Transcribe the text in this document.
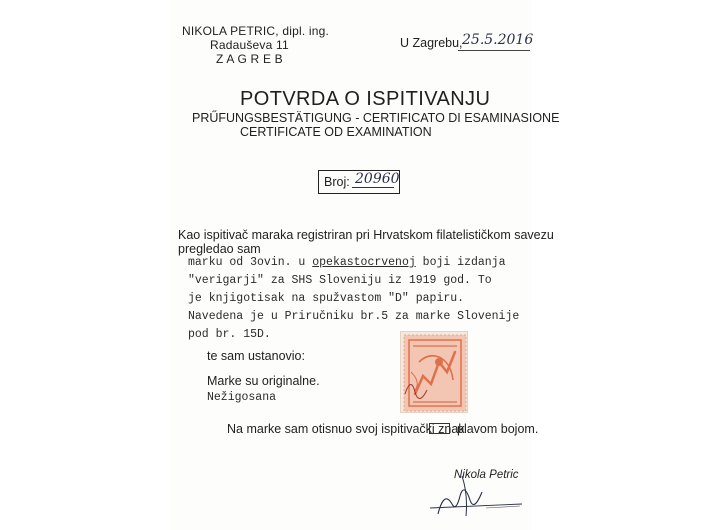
NIKOLA PETRIC, dipl. ing.
Radauševa 11
Z A G R E B
U Zagrebu, 25.5.2016
POTVRDA O ISPITIVANJU
PRŰFUNGSBESTÄTIGUNG - CERTIFICATO DI ESAMINASIONE
CERTIFICATE OD EXAMINATION
Broj: 20960
Kao ispitivač maraka registriran pri Hrvatskom filatelističkom savezu
pregledao sam
marku od 3ovin. u opekastocrvenoj boji izdanja
"verigarji" za SHS Sloveniju iz 1919 god. To
je knjigotisak na spužvastom "D" papiru.
Navedena je u Priručniku br.5 za marke Slovenije
pod br. 15D.
te sam ustanovio:
Marke su originalne.
Nežigosana
Na marke sam otisnuo svoj ispitivački znak
plavom bojom.
Nikola Petric
